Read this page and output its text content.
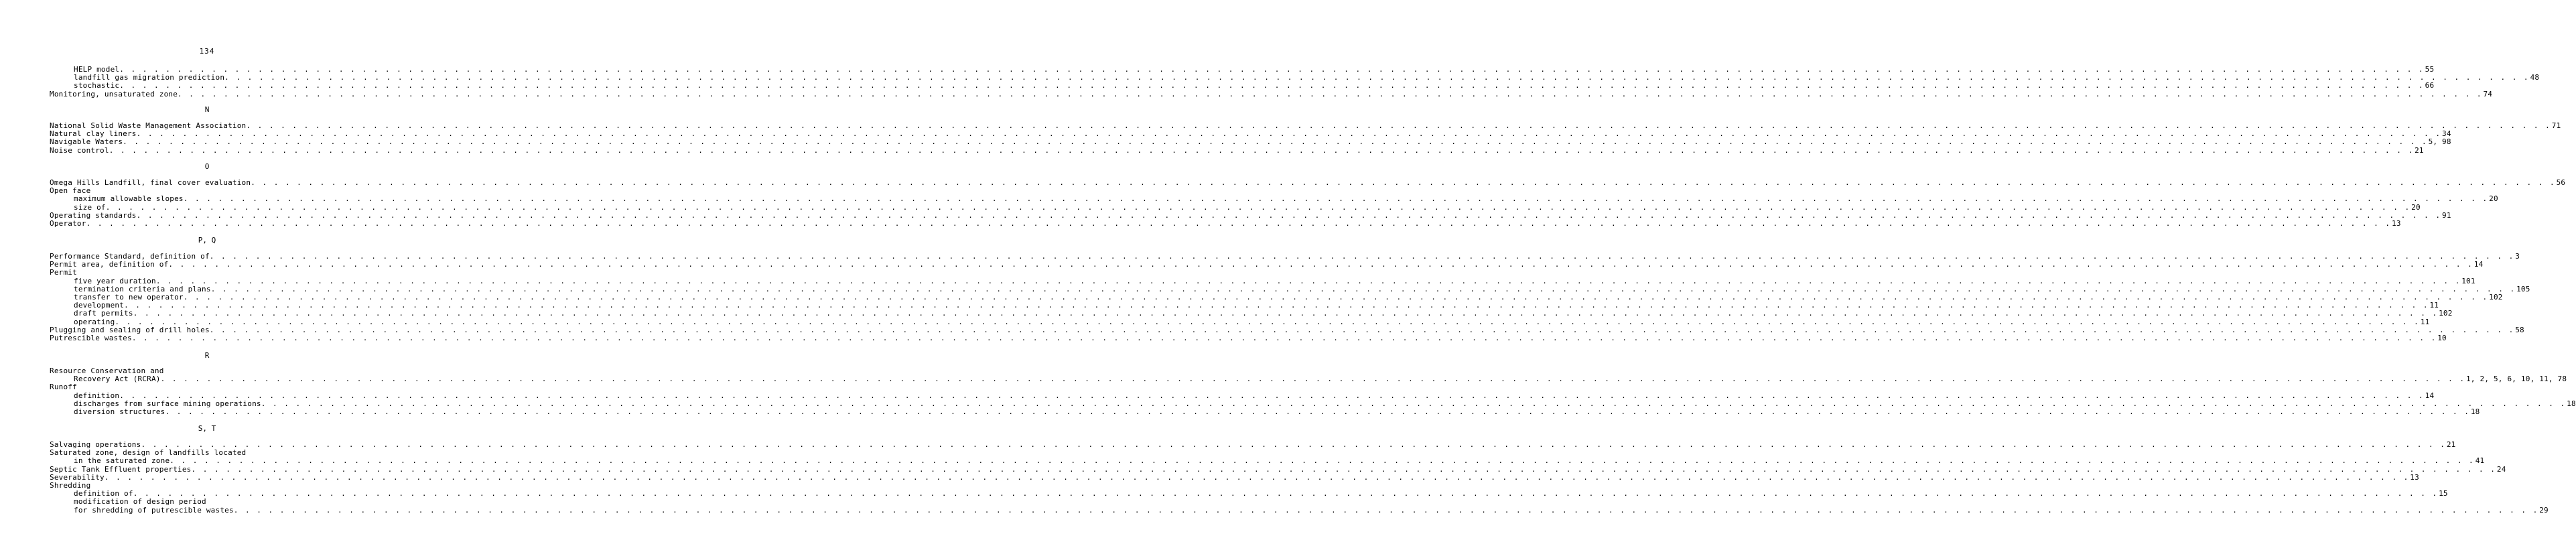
134
HELP model . . . . . . . . . . . . . . . . . . . . . . . . . . . . . . . . . . . . . . . . . . . . . . . . . . . . . . . . . . . . . . . . . . . . . . . . . . . . . . . . . . . . . . . . . . . . . . . . . . . . . . . . . . . . . . . . . . . . . . . . . . . . . . . . . . . . . . . . . . . . . . . . . . . . . . . . . . . . . . . . . . . . . . . . . . . . . . . . . . . . . . . . . . . . . . . . . . . . . . . . 55
landfill gas migration prediction . . . . . . . . . . . . . . . . . . . . . . . . . . . . . . . . . . . . . . . . . . . . . . . . . . . . . . . . . . . . . . . . . . . . . . . . . . . . . . . . . . . . . . . . . . . . . . . . . . . . . . . . . . . . . . . . . . . . . . . . . . . . . . . . . . . . . . . . . . . . . . . . . . . . . . . . . . . . . . . . . . . . . . . . . . . . . . . . . . . . . . . . . . . . . . . . . . . . . . . . 48
stochastic . . . . . . . . . . . . . . . . . . . . . . . . . . . . . . . . . . . . . . . . . . . . . . . . . . . . . . . . . . . . . . . . . . . . . . . . . . . . . . . . . . . . . . . . . . . . . . . . . . . . . . . . . . . . . . . . . . . . . . . . . . . . . . . . . . . . . . . . . . . . . . . . . . . . . . . . . . . . . . . . . . . . . . . . . . . . . . . . . . . . . . . . . . . . . . . . . . . . . . . . 66
Monitoring, unsaturated zone . . . . . . . . . . . . . . . . . . . . . . . . . . . . . . . . . . . . . . . . . . . . . . . . . . . . . . . . . . . . . . . . . . . . . . . . . . . . . . . . . . . . . . . . . . . . . . . . . . . . . . . . . . . . . . . . . . . . . . . . . . . . . . . . . . . . . . . . . . . . . . . . . . . . . . . . . . . . . . . . . . . . . . . . . . . . . . . . . . . . . . . . . . . . . . . . . . . . . . . . 74
N
National Solid Waste Management Association . . . . . . . . . . . . . . . . . . . . . . . . . . . . . . . . . . . . . . . . . . . . . . . . . . . . . . . . . . . . . . . . . . . . . . . . . . . . . . . . . . . . . . . . . . . . . . . . . . . . . . . . . . . . . . . . . . . . . . . . . . . . . . . . . . . . . . . . . . . . . . . . . . . . . . . . . . . . . . . . . . . . . . . . . . . . . . . . . . . . . . . . . . . . . . . . . . . . . . . . 71
Natural clay liners . . . . . . . . . . . . . . . . . . . . . . . . . . . . . . . . . . . . . . . . . . . . . . . . . . . . . . . . . . . . . . . . . . . . . . . . . . . . . . . . . . . . . . . . . . . . . . . . . . . . . . . . . . . . . . . . . . . . . . . . . . . . . . . . . . . . . . . . . . . . . . . . . . . . . . . . . . . . . . . . . . . . . . . . . . . . . . . . . . . . . . . . . . . . . . . . . . . . . . . . 34
Navigable Waters . . . . . . . . . . . . . . . . . . . . . . . . . . . . . . . . . . . . . . . . . . . . . . . . . . . . . . . . . . . . . . . . . . . . . . . . . . . . . . . . . . . . . . . . . . . . . . . . . . . . . . . . . . . . . . . . . . . . . . . . . . . . . . . . . . . . . . . . . . . . . . . . . . . . . . . . . . . . . . . . . . . . . . . . . . . . . . . . . . . . . . . . . . . . . . . . . . . . . . . . 5, 98
Noise control . . . . . . . . . . . . . . . . . . . . . . . . . . . . . . . . . . . . . . . . . . . . . . . . . . . . . . . . . . . . . . . . . . . . . . . . . . . . . . . . . . . . . . . . . . . . . . . . . . . . . . . . . . . . . . . . . . . . . . . . . . . . . . . . . . . . . . . . . . . . . . . . . . . . . . . . . . . . . . . . . . . . . . . . . . . . . . . . . . . . . . . . . . . . . . . . . . . . . . . . 21
O
Omega Hills Landfill, final cover evaluation . . . . . . . . . . . . . . . . . . . . . . . . . . . . . . . . . . . . . . . . . . . . . . . . . . . . . . . . . . . . . . . . . . . . . . . . . . . . . . . . . . . . . . . . . . . . . . . . . . . . . . . . . . . . . . . . . . . . . . . . . . . . . . . . . . . . . . . . . . . . . . . . . . . . . . . . . . . . . . . . . . . . . . . . . . . . . . . . . . . . . . . . . . . . . . . . . . . . . . . . 56
Open face
maximum allowable slopes . . . . . . . . . . . . . . . . . . . . . . . . . . . . . . . . . . . . . . . . . . . . . . . . . . . . . . . . . . . . . . . . . . . . . . . . . . . . . . . . . . . . . . . . . . . . . . . . . . . . . . . . . . . . . . . . . . . . . . . . . . . . . . . . . . . . . . . . . . . . . . . . . . . . . . . . . . . . . . . . . . . . . . . . . . . . . . . . . . . . . . . . . . . . . . . . . . . . . . . . 20
size of . . . . . . . . . . . . . . . . . . . . . . . . . . . . . . . . . . . . . . . . . . . . . . . . . . . . . . . . . . . . . . . . . . . . . . . . . . . . . . . . . . . . . . . . . . . . . . . . . . . . . . . . . . . . . . . . . . . . . . . . . . . . . . . . . . . . . . . . . . . . . . . . . . . . . . . . . . . . . . . . . . . . . . . . . . . . . . . . . . . . . . . . . . . . . . . . . . . . . . . . 20
Operating standards . . . . . . . . . . . . . . . . . . . . . . . . . . . . . . . . . . . . . . . . . . . . . . . . . . . . . . . . . . . . . . . . . . . . . . . . . . . . . . . . . . . . . . . . . . . . . . . . . . . . . . . . . . . . . . . . . . . . . . . . . . . . . . . . . . . . . . . . . . . . . . . . . . . . . . . . . . . . . . . . . . . . . . . . . . . . . . . . . . . . . . . . . . . . . . . . . . . . . . . . 91
Operator . . . . . . . . . . . . . . . . . . . . . . . . . . . . . . . . . . . . . . . . . . . . . . . . . . . . . . . . . . . . . . . . . . . . . . . . . . . . . . . . . . . . . . . . . . . . . . . . . . . . . . . . . . . . . . . . . . . . . . . . . . . . . . . . . . . . . . . . . . . . . . . . . . . . . . . . . . . . . . . . . . . . . . . . . . . . . . . . . . . . . . . . . . . . . . . . . . . . . . . . 13
P, Q
Performance Standard, definition of . . . . . . . . . . . . . . . . . . . . . . . . . . . . . . . . . . . . . . . . . . . . . . . . . . . . . . . . . . . . . . . . . . . . . . . . . . . . . . . . . . . . . . . . . . . . . . . . . . . . . . . . . . . . . . . . . . . . . . . . . . . . . . . . . . . . . . . . . . . . . . . . . . . . . . . . . . . . . . . . . . . . . . . . . . . . . . . . . . . . . . . . . . . . . . . . . . . . . . . . 3
Permit area, definition of . . . . . . . . . . . . . . . . . . . . . . . . . . . . . . . . . . . . . . . . . . . . . . . . . . . . . . . . . . . . . . . . . . . . . . . . . . . . . . . . . . . . . . . . . . . . . . . . . . . . . . . . . . . . . . . . . . . . . . . . . . . . . . . . . . . . . . . . . . . . . . . . . . . . . . . . . . . . . . . . . . . . . . . . . . . . . . . . . . . . . . . . . . . . . . . . . . . . . . . . 14
Permit
five year duration . . . . . . . . . . . . . . . . . . . . . . . . . . . . . . . . . . . . . . . . . . . . . . . . . . . . . . . . . . . . . . . . . . . . . . . . . . . . . . . . . . . . . . . . . . . . . . . . . . . . . . . . . . . . . . . . . . . . . . . . . . . . . . . . . . . . . . . . . . . . . . . . . . . . . . . . . . . . . . . . . . . . . . . . . . . . . . . . . . . . . . . . . . . . . . . . . . . . . . . . 101
termination criteria and plans . . . . . . . . . . . . . . . . . . . . . . . . . . . . . . . . . . . . . . . . . . . . . . . . . . . . . . . . . . . . . . . . . . . . . . . . . . . . . . . . . . . . . . . . . . . . . . . . . . . . . . . . . . . . . . . . . . . . . . . . . . . . . . . . . . . . . . . . . . . . . . . . . . . . . . . . . . . . . . . . . . . . . . . . . . . . . . . . . . . . . . . . . . . . . . . . . . . . . . . . 105
transfer to new operator . . . . . . . . . . . . . . . . . . . . . . . . . . . . . . . . . . . . . . . . . . . . . . . . . . . . . . . . . . . . . . . . . . . . . . . . . . . . . . . . . . . . . . . . . . . . . . . . . . . . . . . . . . . . . . . . . . . . . . . . . . . . . . . . . . . . . . . . . . . . . . . . . . . . . . . . . . . . . . . . . . . . . . . . . . . . . . . . . . . . . . . . . . . . . . . . . . . . . . . . 102
development . . . . . . . . . . . . . . . . . . . . . . . . . . . . . . . . . . . . . . . . . . . . . . . . . . . . . . . . . . . . . . . . . . . . . . . . . . . . . . . . . . . . . . . . . . . . . . . . . . . . . . . . . . . . . . . . . . . . . . . . . . . . . . . . . . . . . . . . . . . . . . . . . . . . . . . . . . . . . . . . . . . . . . . . . . . . . . . . . . . . . . . . . . . . . . . . . . . . . . . . 11
draft permits . . . . . . . . . . . . . . . . . . . . . . . . . . . . . . . . . . . . . . . . . . . . . . . . . . . . . . . . . . . . . . . . . . . . . . . . . . . . . . . . . . . . . . . . . . . . . . . . . . . . . . . . . . . . . . . . . . . . . . . . . . . . . . . . . . . . . . . . . . . . . . . . . . . . . . . . . . . . . . . . . . . . . . . . . . . . . . . . . . . . . . . . . . . . . . . . . . . . . . . . 102
operating . . . . . . . . . . . . . . . . . . . . . . . . . . . . . . . . . . . . . . . . . . . . . . . . . . . . . . . . . . . . . . . . . . . . . . . . . . . . . . . . . . . . . . . . . . . . . . . . . . . . . . . . . . . . . . . . . . . . . . . . . . . . . . . . . . . . . . . . . . . . . . . . . . . . . . . . . . . . . . . . . . . . . . . . . . . . . . . . . . . . . . . . . . . . . . . . . . . . . . . . 11
Plugging and sealing of drill holes . . . . . . . . . . . . . . . . . . . . . . . . . . . . . . . . . . . . . . . . . . . . . . . . . . . . . . . . . . . . . . . . . . . . . . . . . . . . . . . . . . . . . . . . . . . . . . . . . . . . . . . . . . . . . . . . . . . . . . . . . . . . . . . . . . . . . . . . . . . . . . . . . . . . . . . . . . . . . . . . . . . . . . . . . . . . . . . . . . . . . . . . . . . . . . . . . . . . . . . . 58
Putrescible wastes . . . . . . . . . . . . . . . . . . . . . . . . . . . . . . . . . . . . . . . . . . . . . . . . . . . . . . . . . . . . . . . . . . . . . . . . . . . . . . . . . . . . . . . . . . . . . . . . . . . . . . . . . . . . . . . . . . . . . . . . . . . . . . . . . . . . . . . . . . . . . . . . . . . . . . . . . . . . . . . . . . . . . . . . . . . . . . . . . . . . . . . . . . . . . . . . . . . . . . . . 10
R
Resource Conservation and
Recovery Act (RCRA) . . . . . . . . . . . . . . . . . . . . . . . . . . . . . . . . . . . . . . . . . . . . . . . . . . . . . . . . . . . . . . . . . . . . . . . . . . . . . . . . . . . . . . . . . . . . . . . . . . . . . . . . . . . . . . . . . . . . . . . . . . . . . . . . . . . . . . . . . . . . . . . . . . . . . . . . . . . . . . . . . . . . . . . . . . . . . . . . . . . . . . . . . . . . . . . . . . . . . . . . 1, 2, 5, 6, 10, 11, 78
Runoff
definition . . . . . . . . . . . . . . . . . . . . . . . . . . . . . . . . . . . . . . . . . . . . . . . . . . . . . . . . . . . . . . . . . . . . . . . . . . . . . . . . . . . . . . . . . . . . . . . . . . . . . . . . . . . . . . . . . . . . . . . . . . . . . . . . . . . . . . . . . . . . . . . . . . . . . . . . . . . . . . . . . . . . . . . . . . . . . . . . . . . . . . . . . . . . . . . . . . . . . . . . 14
discharges from surface mining operations . . . . . . . . . . . . . . . . . . . . . . . . . . . . . . . . . . . . . . . . . . . . . . . . . . . . . . . . . . . . . . . . . . . . . . . . . . . . . . . . . . . . . . . . . . . . . . . . . . . . . . . . . . . . . . . . . . . . . . . . . . . . . . . . . . . . . . . . . . . . . . . . . . . . . . . . . . . . . . . . . . . . . . . . . . . . . . . . . . . . . . . . . . . . . . . . . . . . . . . . 18
diversion structures . . . . . . . . . . . . . . . . . . . . . . . . . . . . . . . . . . . . . . . . . . . . . . . . . . . . . . . . . . . . . . . . . . . . . . . . . . . . . . . . . . . . . . . . . . . . . . . . . . . . . . . . . . . . . . . . . . . . . . . . . . . . . . . . . . . . . . . . . . . . . . . . . . . . . . . . . . . . . . . . . . . . . . . . . . . . . . . . . . . . . . . . . . . . . . . . . . . . . . . . 18
S, T
Salvaging operations . . . . . . . . . . . . . . . . . . . . . . . . . . . . . . . . . . . . . . . . . . . . . . . . . . . . . . . . . . . . . . . . . . . . . . . . . . . . . . . . . . . . . . . . . . . . . . . . . . . . . . . . . . . . . . . . . . . . . . . . . . . . . . . . . . . . . . . . . . . . . . . . . . . . . . . . . . . . . . . . . . . . . . . . . . . . . . . . . . . . . . . . . . . . . . . . . . . . . . . . 21
Saturated zone, design of landfills located
in the saturated zone . . . . . . . . . . . . . . . . . . . . . . . . . . . . . . . . . . . . . . . . . . . . . . . . . . . . . . . . . . . . . . . . . . . . . . . . . . . . . . . . . . . . . . . . . . . . . . . . . . . . . . . . . . . . . . . . . . . . . . . . . . . . . . . . . . . . . . . . . . . . . . . . . . . . . . . . . . . . . . . . . . . . . . . . . . . . . . . . . . . . . . . . . . . . . . . . . . . . . . . . 41
Septic Tank Effluent properties . . . . . . . . . . . . . . . . . . . . . . . . . . . . . . . . . . . . . . . . . . . . . . . . . . . . . . . . . . . . . . . . . . . . . . . . . . . . . . . . . . . . . . . . . . . . . . . . . . . . . . . . . . . . . . . . . . . . . . . . . . . . . . . . . . . . . . . . . . . . . . . . . . . . . . . . . . . . . . . . . . . . . . . . . . . . . . . . . . . . . . . . . . . . . . . . . . . . . . . . 24
Severability . . . . . . . . . . . . . . . . . . . . . . . . . . . . . . . . . . . . . . . . . . . . . . . . . . . . . . . . . . . . . . . . . . . . . . . . . . . . . . . . . . . . . . . . . . . . . . . . . . . . . . . . . . . . . . . . . . . . . . . . . . . . . . . . . . . . . . . . . . . . . . . . . . . . . . . . . . . . . . . . . . . . . . . . . . . . . . . . . . . . . . . . . . . . . . . . . . . . . . . . 13
Shredding
definition of . . . . . . . . . . . . . . . . . . . . . . . . . . . . . . . . . . . . . . . . . . . . . . . . . . . . . . . . . . . . . . . . . . . . . . . . . . . . . . . . . . . . . . . . . . . . . . . . . . . . . . . . . . . . . . . . . . . . . . . . . . . . . . . . . . . . . . . . . . . . . . . . . . . . . . . . . . . . . . . . . . . . . . . . . . . . . . . . . . . . . . . . . . . . . . . . . . . . . . . . 15
modification of design period
for shredding of putrescible wastes . . . . . . . . . . . . . . . . . . . . . . . . . . . . . . . . . . . . . . . . . . . . . . . . . . . . . . . . . . . . . . . . . . . . . . . . . . . . . . . . . . . . . . . . . . . . . . . . . . . . . . . . . . . . . . . . . . . . . . . . . . . . . . . . . . . . . . . . . . . . . . . . . . . . . . . . . . . . . . . . . . . . . . . . . . . . . . . . . . . . . . . . . . . . . . . . . . . . . . . . 29
